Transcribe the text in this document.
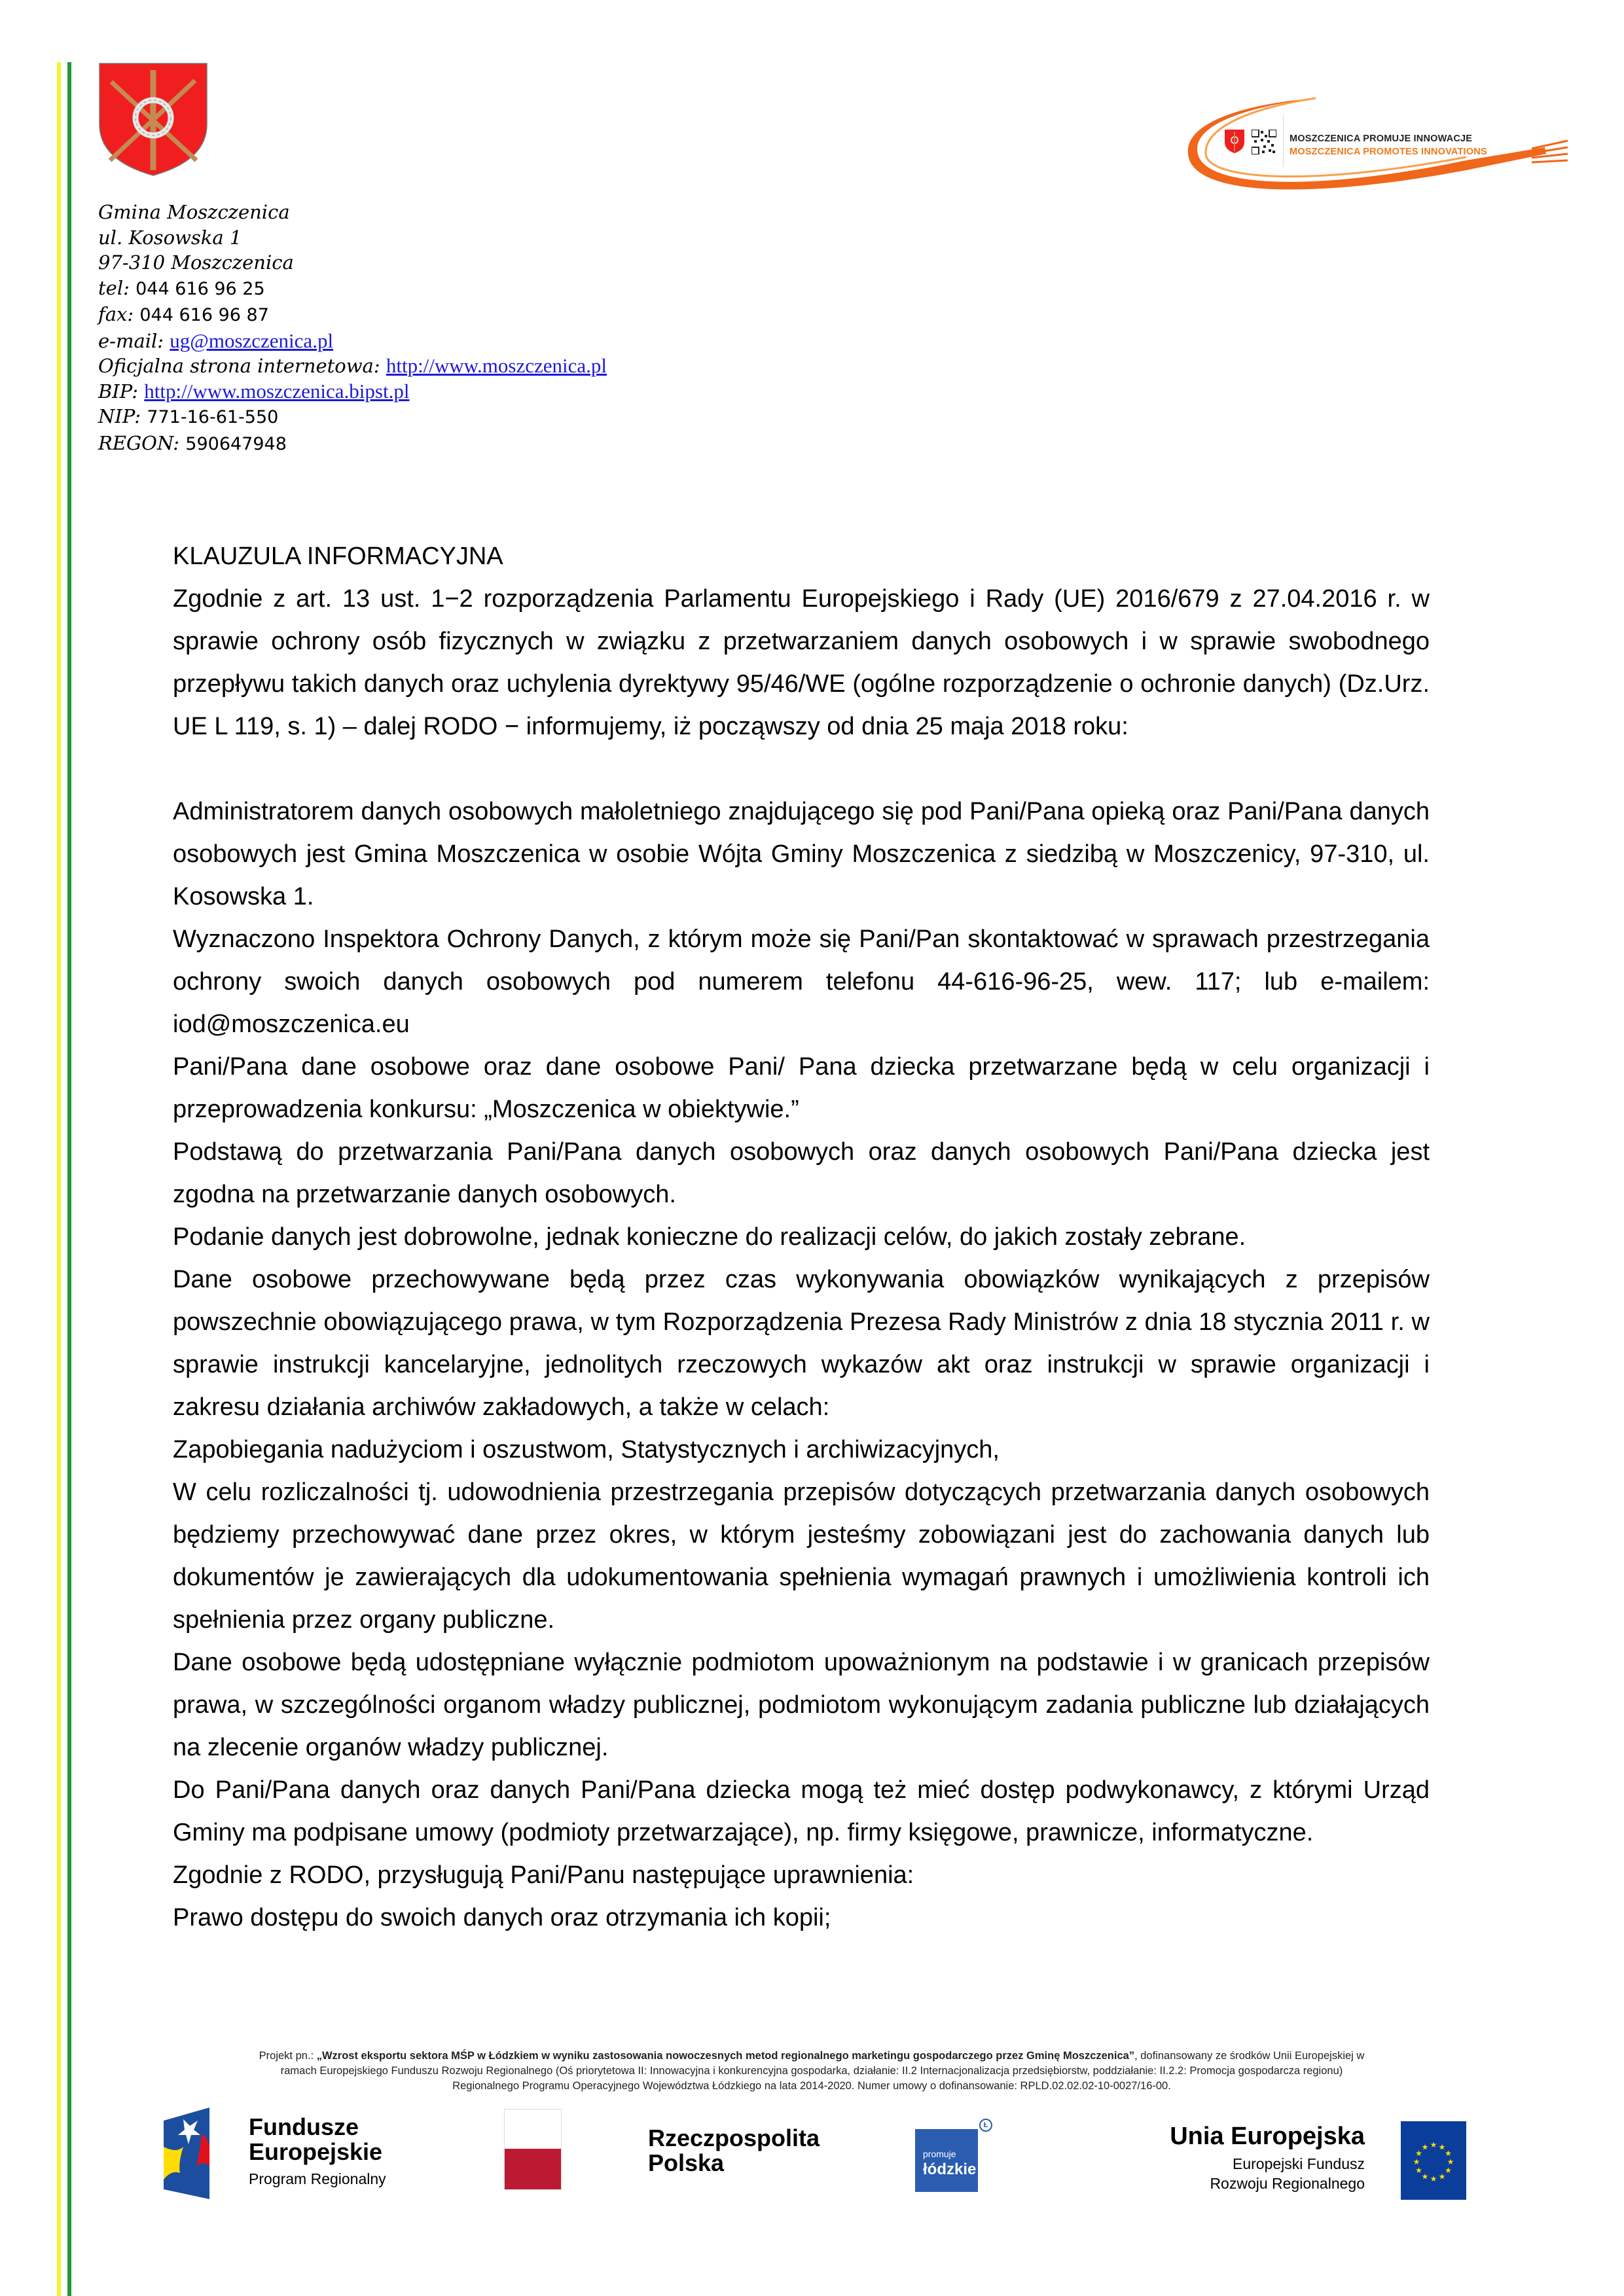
Gmina Moszczenica
ul. Kosowska 1
97-310 Moszczenica
tel: 044 616 96 25
fax: 044 616 96 87
e-mail: ug@moszczenica.pl
Oficjalna strona internetowa: http://www.moszczenica.pl
BIP: http://www.moszczenica.bipst.pl
NIP: 771-16-61-550
REGON: 590647948
MOSZCZENICA PROMUJE INNOWACJE
MOSZCZENICA PROMOTES INNOVATIONS

KLAUZULA INFORMACYJNA

Zgodnie z art. 13 ust. 1−2 rozporządzenia Parlamentu Europejskiego i Rady (UE) 2016/679 z 27.04.2016 r. w sprawie ochrony osób fizycznych w związku z przetwarzaniem danych osobowych i w sprawie swobodnego przepływu takich danych oraz uchylenia dyrektywy 95/46/WE (ogólne rozporządzenie o ochronie danych) (Dz.Urz. UE L 119, s. 1) – dalej RODO − informujemy, iż począwszy od dnia 25 maja 2018 roku:

Administratorem danych osobowych małoletniego znajdującego się pod Pani/Pana opieką oraz Pani/Pana danych osobowych jest Gmina Moszczenica w osobie Wójta Gminy Moszczenica z siedzibą w Moszczenicy, 97-310, ul. Kosowska 1.

Wyznaczono Inspektora Ochrony Danych, z którym może się Pani/Pan skontaktować w sprawach przestrzegania ochrony swoich danych osobowych pod numerem telefonu 44-616-96-25, wew. 117; lub e-mailem: iod@moszczenica.eu

Pani/Pana dane osobowe oraz dane osobowe Pani/ Pana dziecka przetwarzane będą w celu organizacji i przeprowadzenia konkursu: „Moszczenica w obiektywie.”

Podstawą do przetwarzania Pani/Pana danych osobowych oraz danych osobowych Pani/Pana dziecka jest zgodna na przetwarzanie danych osobowych.

Podanie danych jest dobrowolne, jednak konieczne do realizacji celów, do jakich zostały zebrane.

Dane osobowe przechowywane będą przez czas wykonywania obowiązków wynikających z przepisów powszechnie obowiązującego prawa, w tym Rozporządzenia Prezesa Rady Ministrów z dnia 18 stycznia 2011 r. w sprawie instrukcji kancelaryjne, jednolitych rzeczowych wykazów akt oraz instrukcji w sprawie organizacji i zakresu działania archiwów zakładowych, a także w celach:

Zapobiegania nadużyciom i oszustwom, Statystycznych i archiwizacyjnych,

W celu rozliczalności tj. udowodnienia przestrzegania przepisów dotyczących przetwarzania danych osobowych będziemy przechowywać dane przez okres, w którym jesteśmy zobowiązani jest do zachowania danych lub dokumentów je zawierających dla udokumentowania spełnienia wymagań prawnych i umożliwienia kontroli ich spełnienia przez organy publiczne.

Dane osobowe będą udostępniane wyłącznie podmiotom upoważnionym na podstawie i w granicach przepisów prawa, w szczególności organom władzy publicznej, podmiotom wykonującym zadania publiczne lub działających na zlecenie organów władzy publicznej.

Do Pani/Pana danych oraz danych Pani/Pana dziecka mogą też mieć dostęp podwykonawcy, z którymi Urząd Gminy ma podpisane umowy (podmioty przetwarzające), np. firmy księgowe, prawnicze, informatyczne.

Zgodnie z RODO, przysługują Pani/Panu następujące uprawnienia:

Prawo dostępu do swoich danych oraz otrzymania ich kopii;

Projekt pn.: „Wzrost eksportu sektora MŚP w Łódzkiem w wyniku zastosowania nowoczesnych metod regionalnego marketingu gospodarczego przez Gminę Moszczenica”, dofinansowany ze środków Unii Europejskiej w
ramach Europejskiego Funduszu Rozwoju Regionalnego (Oś priorytetowa II: Innowacyjna i konkurencyjna gospodarka, działanie: II.2 Internacjonalizacja przedsiębiorstw, poddziałanie: II.2.2: Promocja gospodarcza regionu)
Regionalnego Programu Operacyjnego Województwa Łódzkiego na lata 2014-2020. Numer umowy o dofinansowanie: RPLD.02.02.02-10-0027/16-00.
Fundusze
Europejskie
Program Regionalny
Rzeczpospolita
Polska	promuje
łódzkie
Ł	Unia Europejska
Europejski Fundusz
Rozwoju Regionalnego
★ ★
★
★
★
★
★
★
★
★
★
★
